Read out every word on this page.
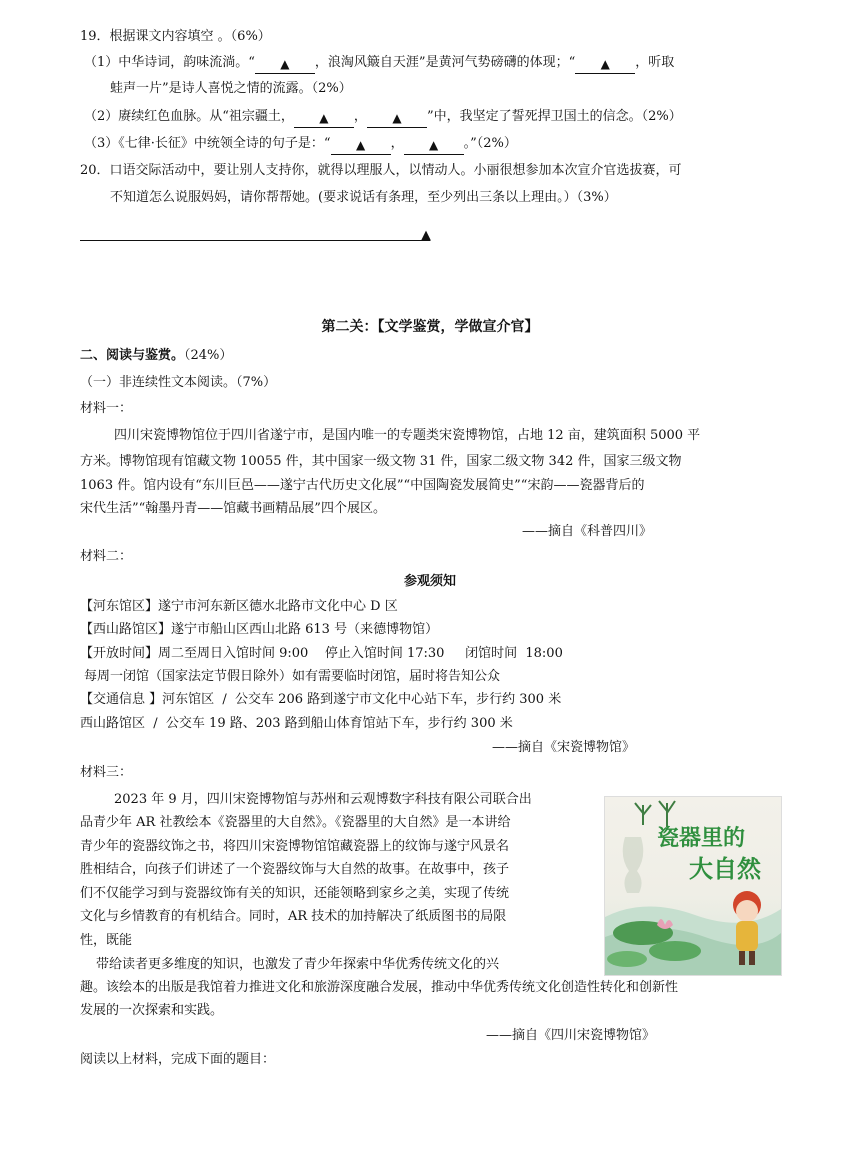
19．根据课文内容填空 。（6%）
（1）中华诗词，韵味流淌。“ ▲ ，浪淘风簸自天涯”是黄河气势磅礴的体现；“ ▲ ，听取
蛙声一片”是诗人喜悦之情的流露。（2%）
（2）赓续红色血脉。从“祖宗疆土， ▲ ， ▲ ”中，我坚定了誓死捍卫国土的信念。（2%）
（3）《七律·长征》中统领全诗的句子是：“ ▲ ， ▲ 。”（2%）
20．口语交际活动中，要让别人支持你，就得以理服人，以情动人。小丽很想参加本次宣介官选拔赛，可
不知道怎么说服妈妈，请你帮帮她。(要求说话有条理，至少列出三条以上理由。）（3%）
▲
第二关：【文学鉴赏，学做宣介官】
二、阅读与鉴赏。（24%）
（一）非连续性文本阅读。（7%）
材料一：
四川宋瓷博物馆位于四川省遂宁市，是国内唯一的专题类宋瓷博物馆，占地 12 亩，建筑面积 5000 平
方米。博物馆现有馆藏文物 10055 件，其中国家一级文物 31 件，国家二级文物 342 件，国家三级文物
1063 件。馆内设有“东川巨邑——遂宁古代历史文化展”“中国陶瓷发展简史”“宋韵——瓷器背后的
宋代生活”“翰墨丹青——馆藏书画精品展”四个展区。
——摘自《科普四川》
材料二：
参观须知
【河东馆区】遂宁市河东新区德水北路市文化中心 D 区
【西山路馆区】遂宁市船山区西山北路 613 号（来德博物馆）
【开放时间】周二至周日入馆时间 9:00    停止入馆时间 17:30     闭馆时间  18:00
每周一闭馆（国家法定节假日除外）如有需要临时闭馆，届时将告知公众
【交通信息 】河东馆区  /  公交车 206 路到遂宁市文化中心站下车，步行约 300 米
西山路馆区  /  公交车 19 路、203 路到船山体育馆站下车，步行约 300 米
——摘自《宋瓷博物馆》
材料三：
2023 年 9 月，四川宋瓷博物馆与苏州和云观博数字科技有限公司联合出
品青少年 AR 社教绘本《瓷器里的大自然》。《瓷器里的大自然》是一本讲给
青少年的瓷器纹饰之书，将四川宋瓷博物馆馆藏瓷器上的纹饰与遂宁风景名
胜相结合，向孩子们讲述了一个瓷器纹饰与大自然的故事。在故事中，孩子
们不仅能学习到与瓷器纹饰有关的知识，还能领略到家乡之美，实现了传统
文化与乡情教育的有机结合。同时，AR 技术的加持解决了纸质图书的局限
性，既能
带给读者更多维度的知识，也激发了青少年探索中华优秀传统文化的兴
趣。该绘本的出版是我馆着力推进文化和旅游深度融合发展，推动中华优秀传统文化创造性转化和创新性
发展的一次探索和实践。
——摘自《四川宋瓷博物馆》
瓷器里的
大自然
阅读以上材料，完成下面的题目：
